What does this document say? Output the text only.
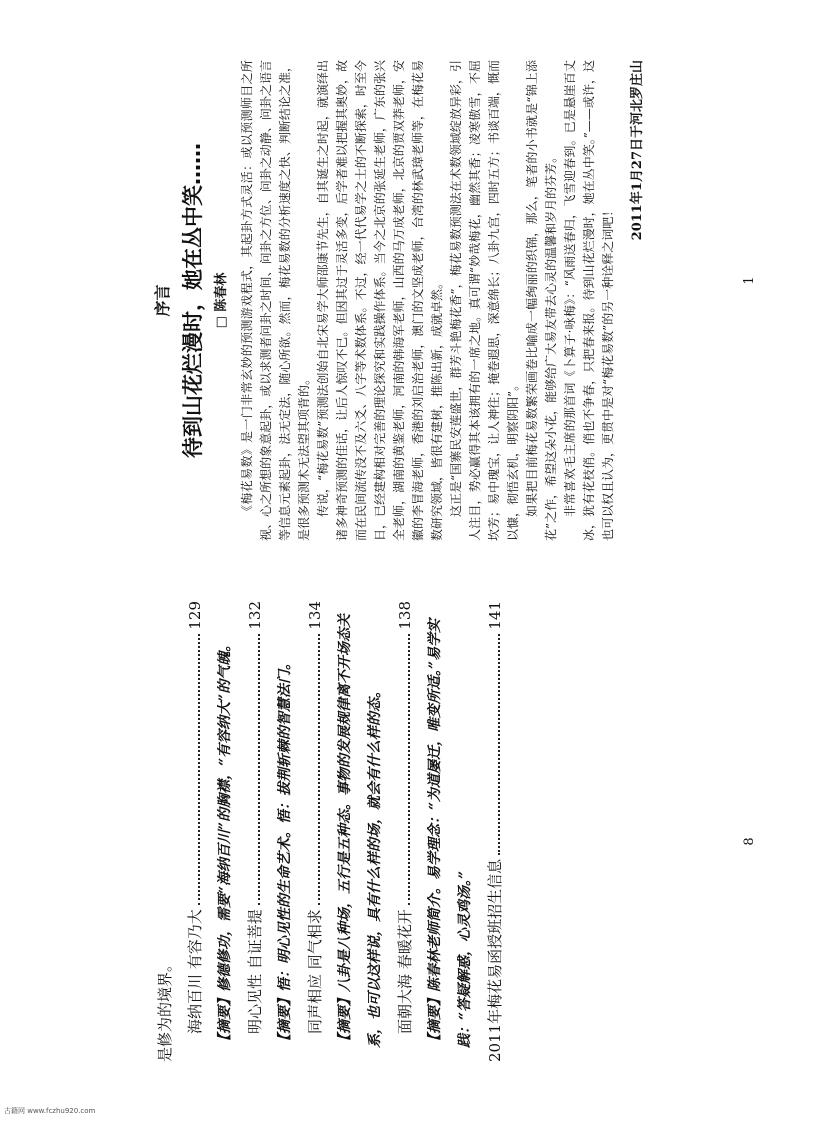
是修为的境界。 海纳百川 有容乃大
129
【摘要】修德修功，需要“海纳百川”的胸襟，“有容纳大”的气魄。 明心见性 自证菩提
132
【摘要】悟：明心见性的生命艺术。悟：拔荆斩棘的智慧法门。 同声相应 同气相求
134 【摘要】八卦是八种场，五行是五种态。事物的发展规律离不开场态关系，也可以这样说，具有什么样的场，就会有什么样的态。 面朝大海 春暖花开
138
【摘要】陈春林老师简介。易学理念：“为道屡迁，唯变所适。”易学实践：“答疑解惑，心灵鸡汤。” 2011年梅花易函授班招生信息
141
8
序言 待到山花烂漫时，她在丛中笑…… □ 陈春林 《梅花易数》是一门非常玄妙的预测游戏程式，其起卦方式灵活：或以预测师目之所视、心之所想的象意起卦，或以求测者问卦之时间、问卦之方位、问卦之动静、问卦之语言等信息元素起卦，法无定法，随心所欲。然而，梅花易数的分析速度之快、判断结论之准，是很多预测术无法望其项背的。 传说，“梅花易数”预测法创始自北宋易学大师邵康节先生，自其诞生之时起，就演绎出诸多神奇预测的佳话，让后人惊叹不已。但因其过于灵活多变，后学者难以把握其奥妙，故而在民间流传没不及六爻、八字等术数体系。不过，经一代代易学之士的不断探索，时至今日，已经建构相对完善的理论探究和实践操作体系。当今之北京的张延生老师，广东的张兴全老师，湖南的黄鉴老师，河南的韩海军老师，山西的马万成老师，北京的贾双莽老师，安徽的李冒海老师，香港的刘启治老师，澳门的文坚成老师，台湾的林武璋老师等，在梅花易数研究领域，皆很有建树，推陈出新，成就卓然。 这正是“国寨民安莲盛世，群芳斗艳梅花香”，梅花易数预测法在术数领域绽放异彩，引人注目，势必赢得其本该拥有的一席之地。真可谓“妙哉梅花，幽然其香；凌寒傲雪，不屈坎芳；易中瑰宝，让人神往；掩卷遐思，深意绵长；八卦九宫，四时五方；书谈百端，慨而以慷，彻悟玄机，明察阴阳”。 如果把目前梅花易数繁荣画卷比喻成一幅绚丽的织锦，那么，笔者的小书就是“锦上添花”之作，希望这朵小花，能够给广大易友带去心灵的温馨和岁月的芬芳。 非常喜欢毛主席的那首词《卜算子·咏梅》：“风雨送春归，飞雪迎春到。已是悬崖百丈冰，犹有花枝俏。俏也不争春，只把春来报。待到山花烂漫时，她在丛中笑。”——或许，这也可以权且认为，更贯中是对“梅花易数”的另一种诠释之词吧！

2011年1月27日于河北罗庄山
1
古籍网 www.fczhu920.com
